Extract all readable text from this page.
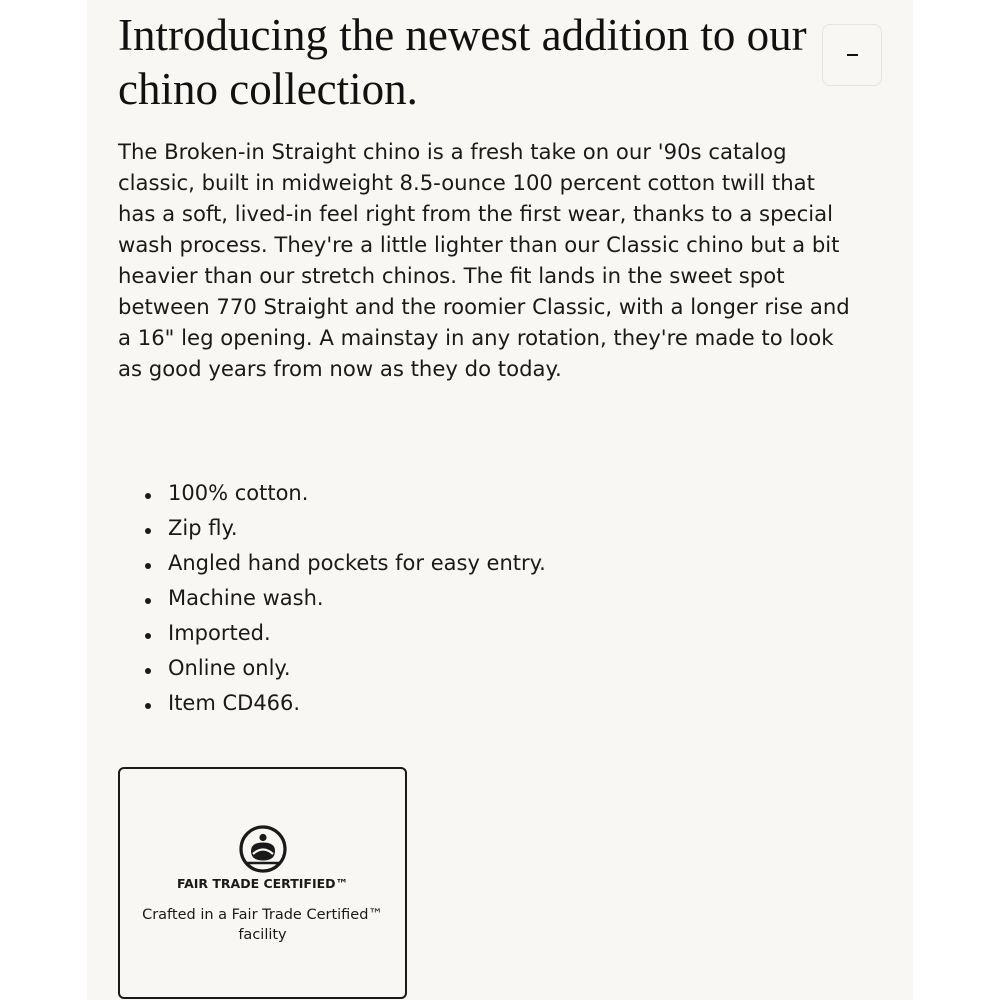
Introducing the newest addition to our chino collection.

The Broken-in Straight chino is a fresh take on our '90s catalog classic, built in midweight 8.5-ounce 100 percent cotton twill that has a soft, lived-in feel right from the first wear, thanks to a special wash process. They're a little lighter than our Classic chino but a bit heavier than our stretch chinos. The fit lands in the sweet spot between 770 Straight and the roomier Classic, with a longer rise and a 16" leg opening. A mainstay in any rotation, they're made to look as good years from now as they do today.

100% cotton.
Zip fly.
Angled hand pockets for easy entry.
Machine wash.
Imported.
Online only.
Item CD466.
FAIR TRADE CERTIFIED™
Crafted in a Fair Trade Certified™ facility
